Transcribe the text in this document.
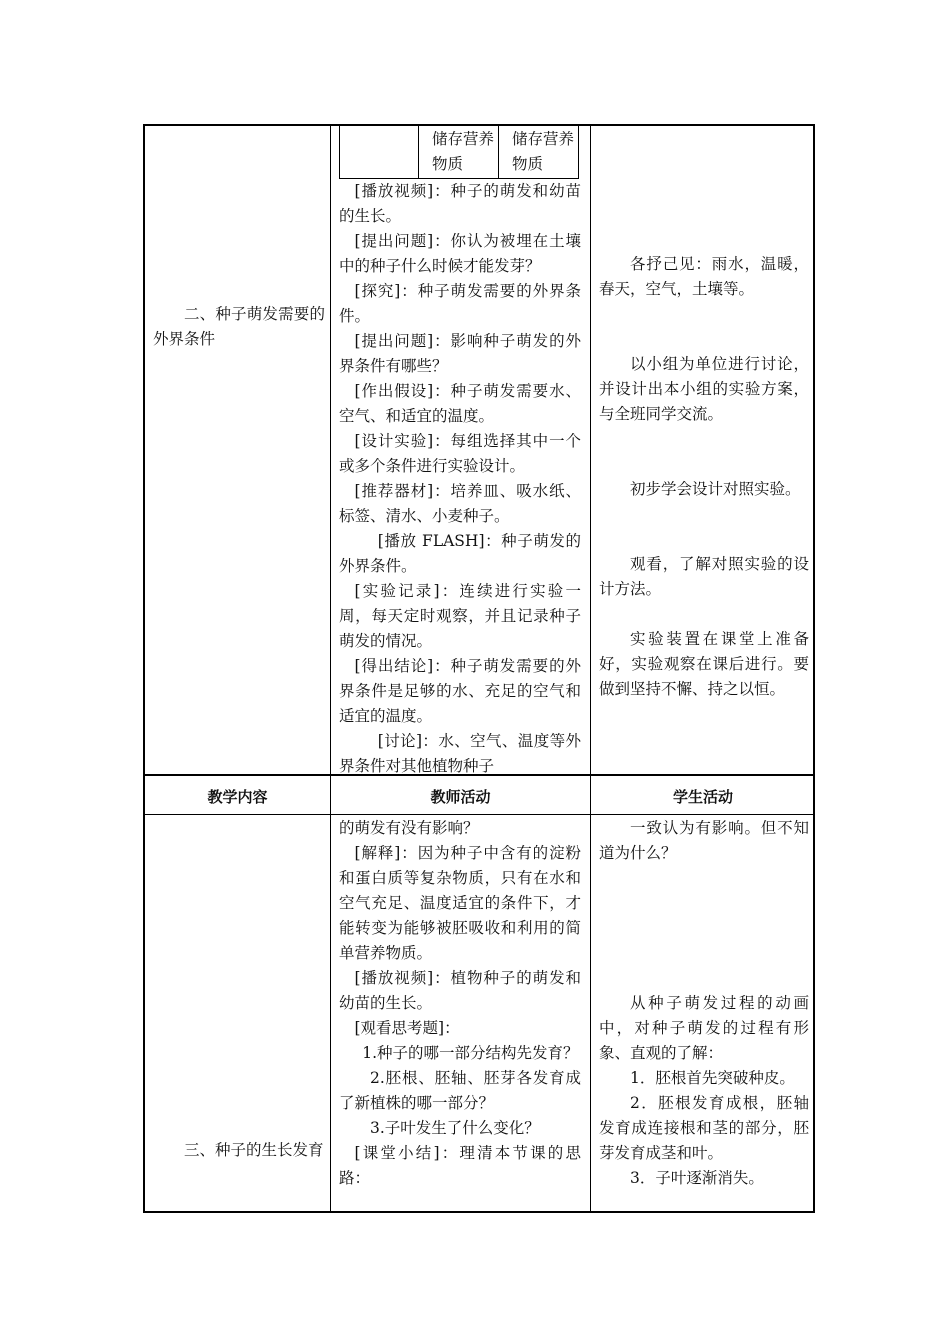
二、种子萌发需要的外界条件

储存营养物质
储存营养物质

[播放视频]：种子的萌发和幼苗的生长。

[提出问题]：你认为被埋在土壤中的种子什么时候才能发芽？

[探究]：种子萌发需要的外界条件。

[提出问题]：影响种子萌发的外界条件有哪些？

[作出假设]：种子萌发需要水、空气、和适宜的温度。

[设计实验]：每组选择其中一个或多个条件进行实验设计。

[推荐器材]：培养皿、吸水纸、标签、清水、小麦种子。

[播放 FLASH]：种子萌发的外界条件。

[实验记录]：连续进行实验一周，每天定时观察，并且记录种子萌发的情况。

[得出结论]：种子萌发需要的外界条件是足够的水、充足的空气和适宜的温度。

[讨论]：水、空气、温度等外界条件对其他植物种子

各抒己见：雨水，温暖，春天，空气，土壤等。

以小组为单位进行讨论，并设计出本小组的实验方案，与全班同学交流。

初步学会设计对照实验。

观看，了解对照实验的设计方法。

实验装置在课堂上准备好，实验观察在课后进行。要做到坚持不懈、持之以恒。

教学内容	教师活动	学生活动

三、种子的生长发育

的萌发有没有影响？

[解释]：因为种子中含有的淀粉和蛋白质等复杂物质，只有在水和空气充足、温度适宜的条件下，才能转变为能够被胚吸收和利用的简单营养物质。

[播放视频]：植物种子的萌发和幼苗的生长。

[观看思考题]：

1.种子的哪一部分结构先发育？

2.胚根、胚轴、胚芽各发育成了新植株的哪一部分？

3.子叶发生了什么变化？

[课堂小结]：理清本节课的思路：

一致认为有影响。但不知道为什么？

从种子萌发过程的动画中，对种子萌发的过程有形象、直观的了解：

1．胚根首先突破种皮。

2．胚根发育成根，胚轴发育成连接根和茎的部分，胚芽发育成茎和叶。

3．子叶逐渐消失。
